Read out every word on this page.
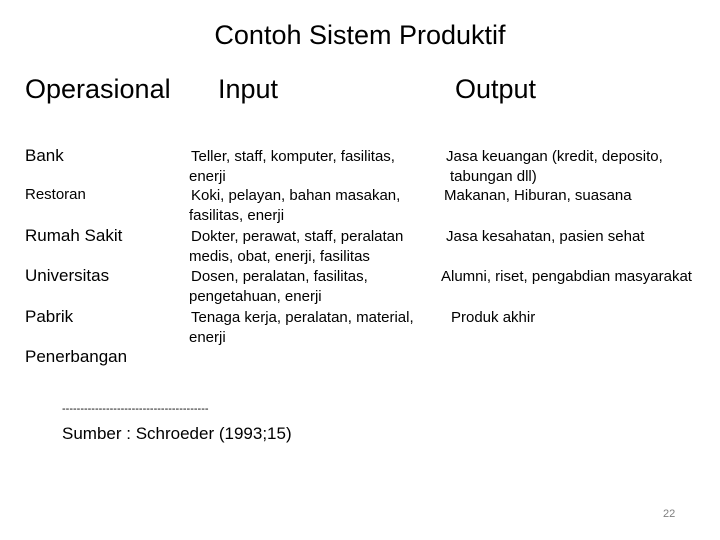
Contoh Sistem Produktif
Operasional Input	Output
Bank
Restoran
Rumah Sakit
Universitas
Pabrik
Penerbangan
Teller, staff, komputer, fasilitas,
enerji
Koki, pelayan, bahan masakan,
fasilitas, enerji
Dokter, perawat, staff, peralatan
medis, obat, enerji, fasilitas
Dosen, peralatan, fasilitas,
pengetahuan, enerji
Tenaga kerja, peralatan, material,
enerji
Jasa keuangan (kredit, deposito,
tabungan dll)
Makanan, Hiburan, suasana
Jasa kesahatan, pasien sehat
Alumni, riset, pengabdian masyarakat
Produk akhir
----------------------------------------
Sumber : Schroeder (1993;15)
22
